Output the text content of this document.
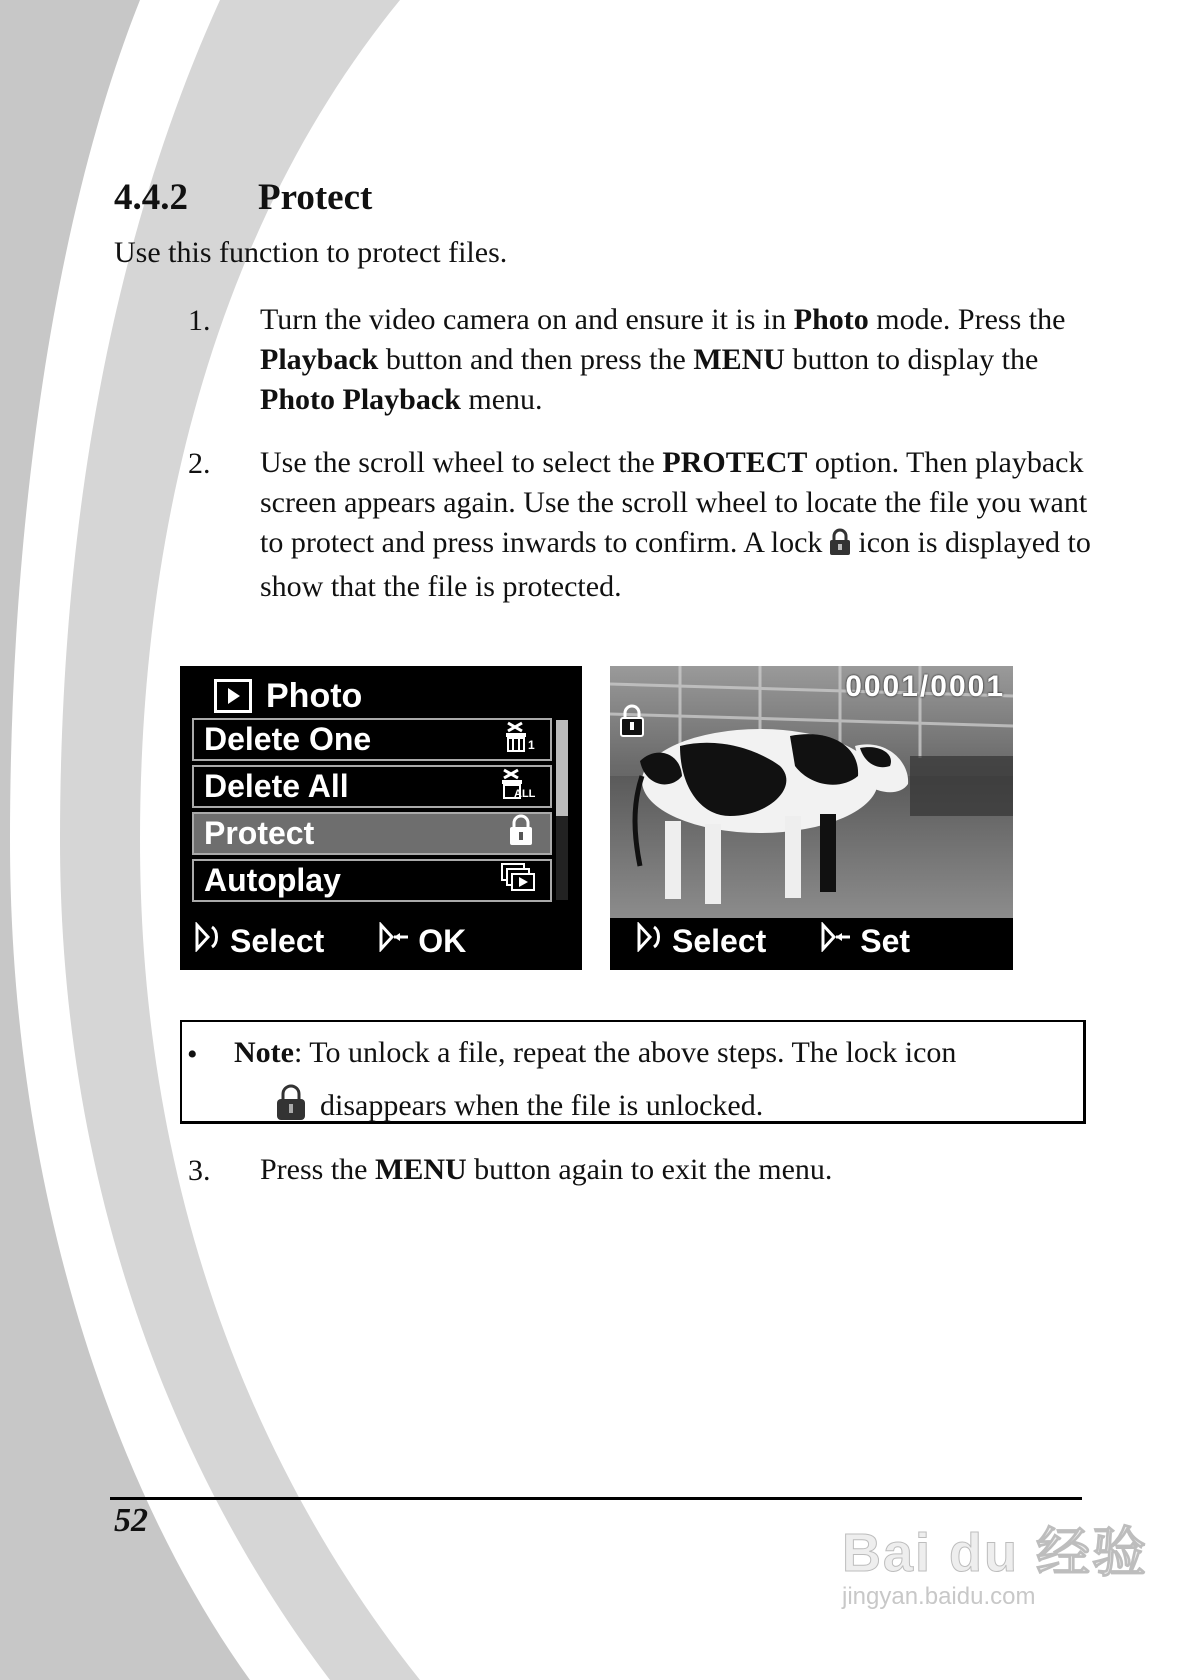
4.4.2 Protect
Use this function to protect files.
1. Turn the video camera on and ensure it is in Photo mode. Press the Playback button and then press the MENU button to display the Photo Playback menu.
2. Use the scroll wheel to select the PROTECT option. Then playback screen appears again. Use the scroll wheel to locate the file you want to protect and press inwards to confirm. A lock icon is displayed to show that the file is protected.
Photo
Delete One	1
Delete All	ALL
Protect
Autoplay
Select	OK
0001/0001
Select	Set
• Note: To unlock a file, repeat the above steps. The lock icon
disappears when the file is unlocked.
3. Press the MENU button again to exit the menu.
52
Bai du 经验
jingyan.baidu.com
